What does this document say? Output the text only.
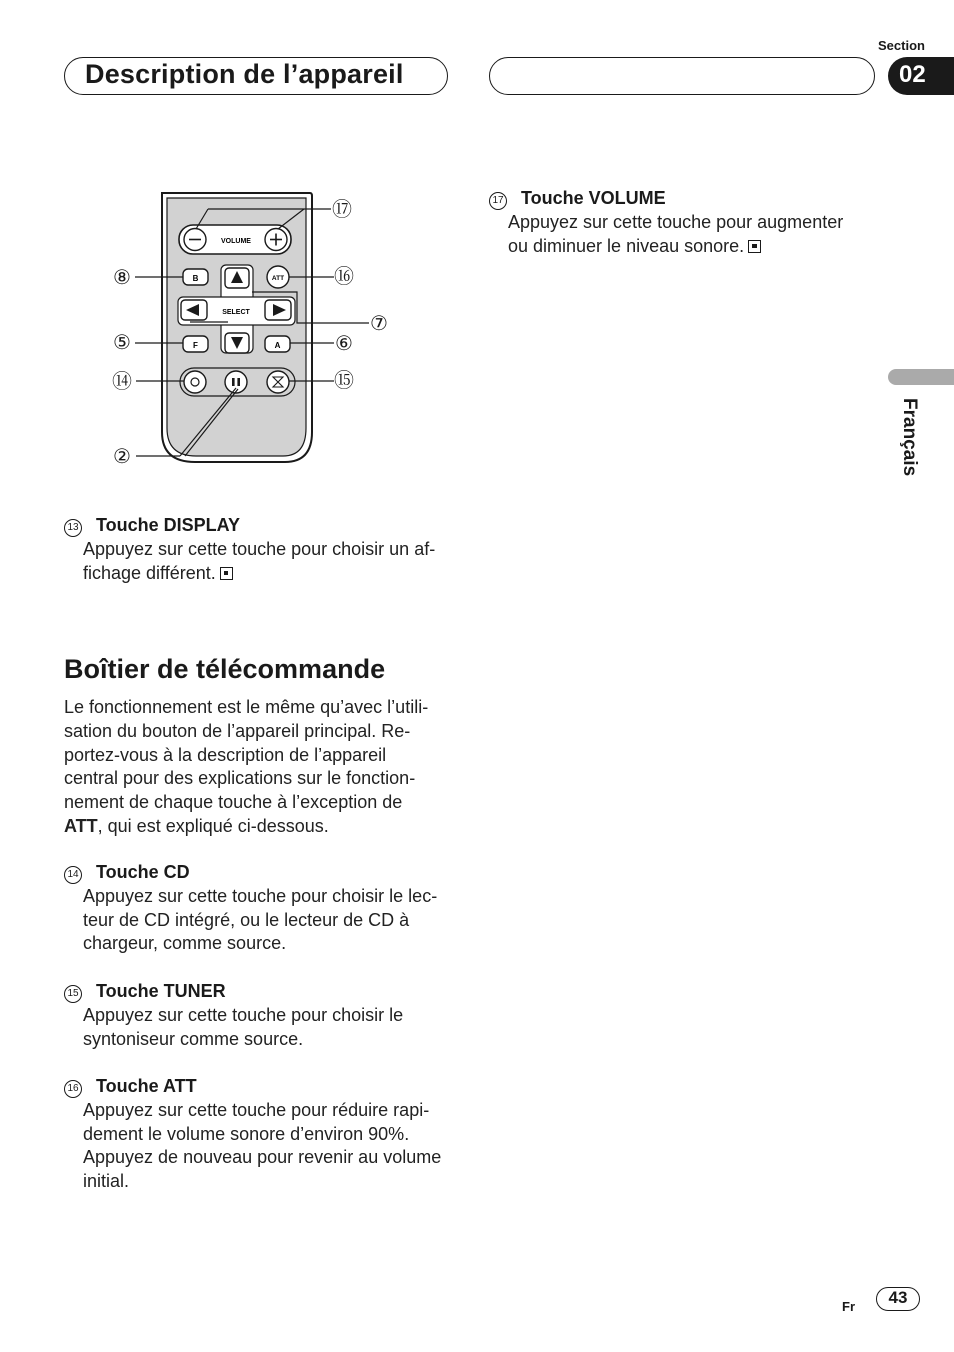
Section
Description de l’appareil	02
Français
VOLUME
SELECT
B	ATT
F	A
⑰
⑯
⑧
⑦
⑤	⑥
⑭	⑮
②
13 Touche DISPLAY
Appuyez sur cette touche pour choisir un af-
fichage différent.
Boîtier de télécommande
Le fonctionnement est le même qu’avec l’utili-
sation du bouton de l’appareil principal. Re-
portez-vous à la description de l’appareil
central pour des explications sur le fonction-
nement de chaque touche à l’exception de
ATT, qui est expliqué ci-dessous.
14 Touche CD
Appuyez sur cette touche pour choisir le lec-
teur de CD intégré, ou le lecteur de CD à
chargeur, comme source.
15 Touche TUNER
Appuyez sur cette touche pour choisir le
syntoniseur comme source.
16 Touche ATT
Appuyez sur cette touche pour réduire rapi-
dement le volume sonore d’environ 90%.
Appuyez de nouveau pour revenir au volume
initial.
17 Touche VOLUME
Appuyez sur cette touche pour augmenter
ou diminuer le niveau sonore.
Fr	43
